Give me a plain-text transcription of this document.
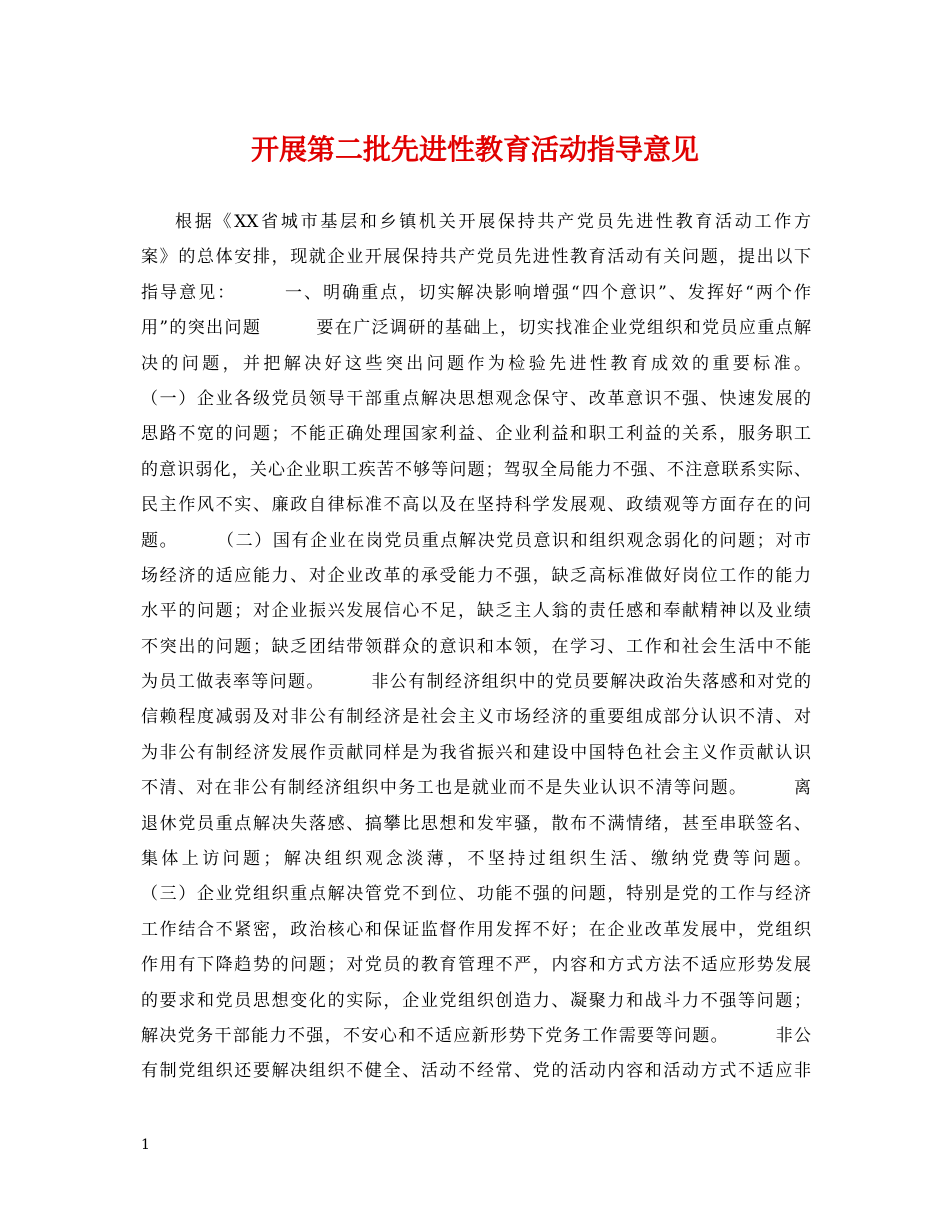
开展第二批先进性教育活动指导意见
根据《XX省城市基层和乡镇机关开展保持共产党员先进性教育活动工作方
案》的总体安排，现就企业开展保持共产党员先进性教育活动有关问题，提出以下
指导意见：　　　一、明确重点，切实解决影响增强“四个意识”、发挥好“两个作
用”的突出问题　　　要在广泛调研的基础上，切实找准企业党组织和党员应重点解
决的问题，并把解决好这些突出问题作为检验先进性教育成效的重要标准。
（一）企业各级党员领导干部重点解决思想观念保守、改革意识不强、快速发展的
思路不宽的问题；不能正确处理国家利益、企业利益和职工利益的关系，服务职工
的意识弱化，关心企业职工疾苦不够等问题；驾驭全局能力不强、不注意联系实际、
民主作风不实、廉政自律标准不高以及在坚持科学发展观、政绩观等方面存在的问
题。　　　（二）国有企业在岗党员重点解决党员意识和组织观念弱化的问题；对市
场经济的适应能力、对企业改革的承受能力不强，缺乏高标准做好岗位工作的能力
水平的问题；对企业振兴发展信心不足，缺乏主人翁的责任感和奉献精神以及业绩
不突出的问题；缺乏团结带领群众的意识和本领，在学习、工作和社会生活中不能
为员工做表率等问题。　　　非公有制经济组织中的党员要解决政治失落感和对党的
信赖程度减弱及对非公有制经济是社会主义市场经济的重要组成部分认识不清、对
为非公有制经济发展作贡献同样是为我省振兴和建设中国特色社会主义作贡献认识
不清、对在非公有制经济组织中务工也是就业而不是失业认识不清等问题。　　　离
退休党员重点解决失落感、搞攀比思想和发牢骚，散布不满情绪，甚至串联签名、
集体上访问题；解决组织观念淡薄，不坚持过组织生活、缴纳党费等问题。
（三）企业党组织重点解决管党不到位、功能不强的问题，特别是党的工作与经济
工作结合不紧密，政治核心和保证监督作用发挥不好；在企业改革发展中，党组织
作用有下降趋势的问题；对党员的教育管理不严，内容和方式方法不适应形势发展
的要求和党员思想变化的实际，企业党组织创造力、凝聚力和战斗力不强等问题；
解决党务干部能力不强，不安心和不适应新形势下党务工作需要等问题。　　　非公
有制党组织还要解决组织不健全、活动不经常、党的活动内容和活动方式不适应非
1
